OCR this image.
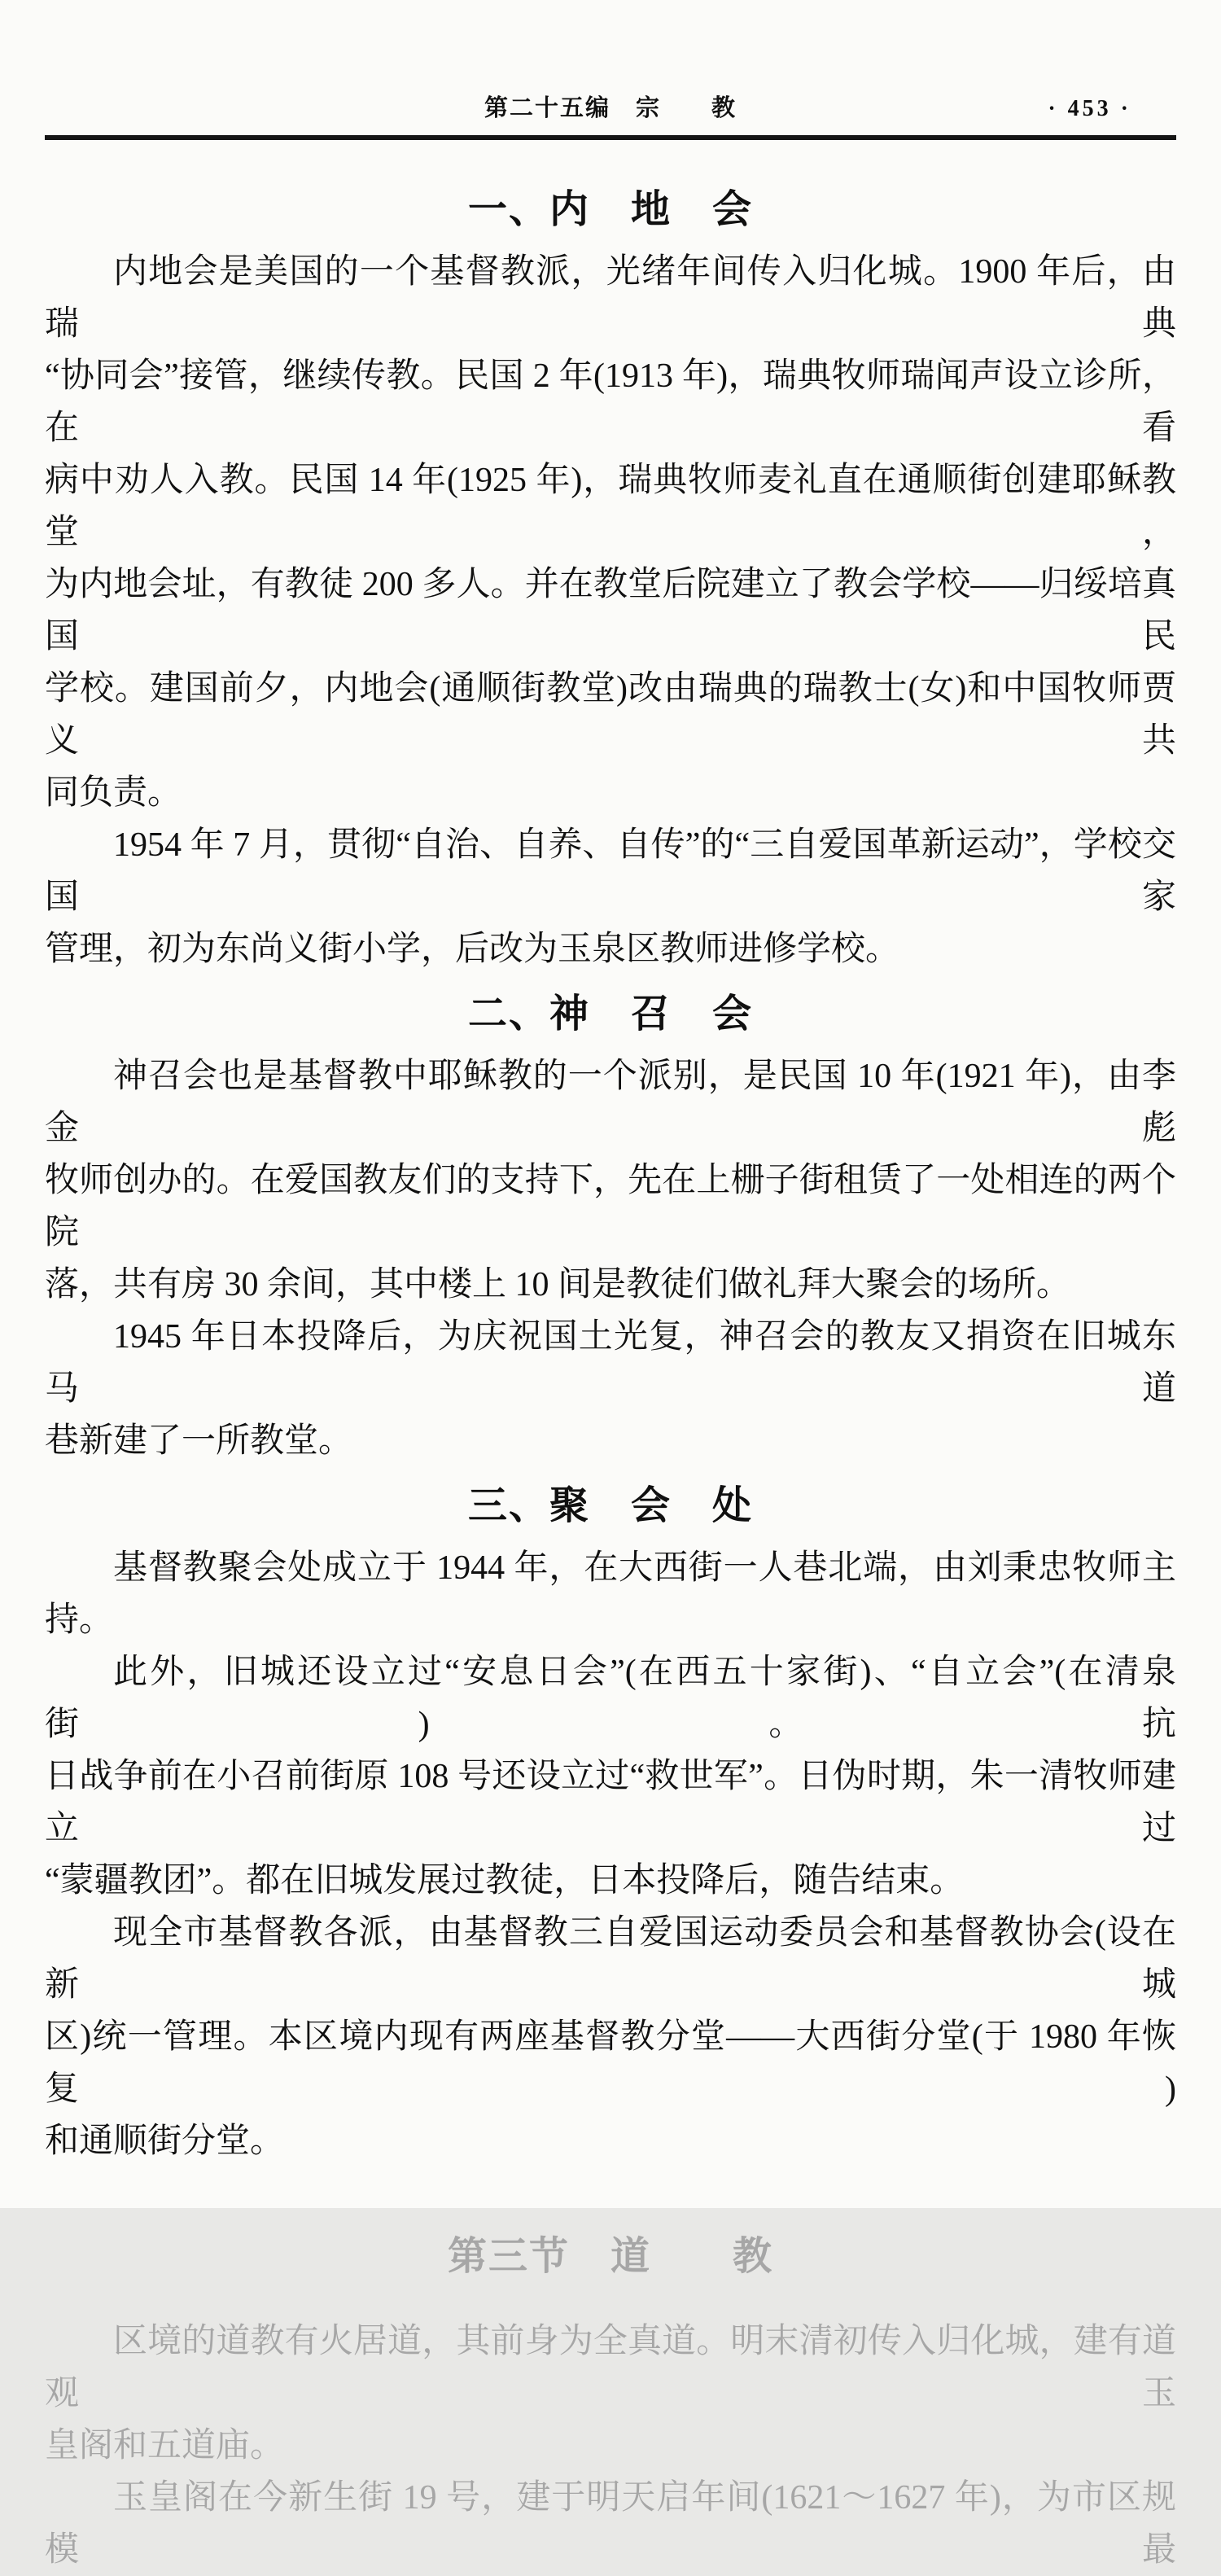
第二十五编　宗　　教	· 453 ·
一、内　地　会
内地会是美国的一个基督教派，光绪年间传入归化城。1900 年后，由瑞典
“协同会”接管，继续传教。民国 2 年(1913 年)，瑞典牧师瑞闻声设立诊所，在看
病中劝人入教。民国 14 年(1925 年)，瑞典牧师麦礼直在通顺街创建耶稣教堂，
为内地会址，有教徒 200 多人。并在教堂后院建立了教会学校——归绥培真国民
学校。建国前夕，内地会(通顺街教堂)改由瑞典的瑞教士(女)和中国牧师贾义共
同负责。
1954 年 7 月，贯彻“自治、自养、自传”的“三自爱国革新运动”，学校交国家
管理，初为东尚义街小学，后改为玉泉区教师进修学校。
二、神　召　会
神召会也是基督教中耶稣教的一个派别，是民国 10 年(1921 年)，由李金彪
牧师创办的。在爱国教友们的支持下，先在上栅子街租赁了一处相连的两个院
落，共有房 30 余间，其中楼上 10 间是教徒们做礼拜大聚会的场所。
1945 年日本投降后，为庆祝国土光复，神召会的教友又捐资在旧城东马道
巷新建了一所教堂。
三、聚　会　处
基督教聚会处成立于 1944 年，在大西街一人巷北端，由刘秉忠牧师主持。
此外，旧城还设立过“安息日会”(在西五十家街)、“自立会”(在清泉街)。抗
日战争前在小召前街原 108 号还设立过“救世军”。日伪时期，朱一清牧师建立过
“蒙疆教团”。都在旧城发展过教徒，日本投降后，随告结束。
现全市基督教各派，由基督教三自爱国运动委员会和基督教协会(设在新城
区)统一管理。本区境内现有两座基督教分堂——大西街分堂(于 1980 年恢复)
和通顺街分堂。
第三节　道　　教
区境的道教有火居道，其前身为全真道。明末清初传入归化城，建有道观玉
皇阁和五道庙。
玉皇阁在今新生街 19 号，建于明天启年间(1621～1627 年)，为市区规模最
